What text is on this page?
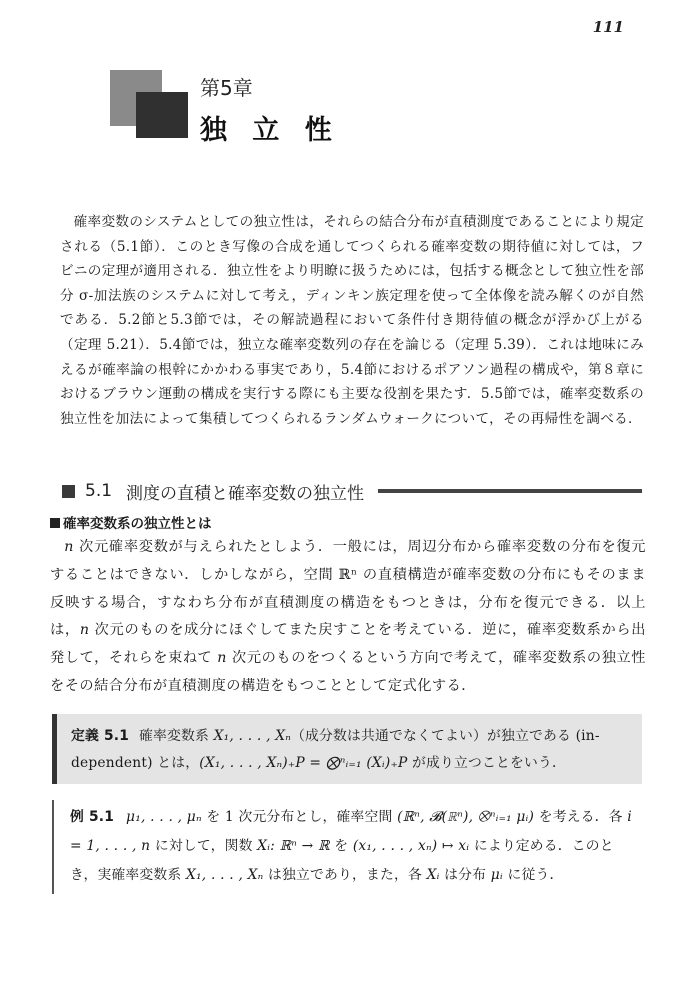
111
第5章
独 立 性

確率変数のシステムとしての独立性は，それらの結合分布が直積測度であることにより規定される（5.1節）．このとき写像の合成を通してつくられる確率変数の期待値に対しては，フビニの定理が適用される．独立性をより明瞭に扱うためには，包括する概念として独立性を部分 σ-加法族のシステムに対して考え，ディンキン族定理を使って全体像を読み解くのが自然である．5.2節と5.3節では，その解読過程において条件付き期待値の概念が浮かび上がる（定理 5.21）．5.4節では，独立な確率変数列の存在を論じる（定理 5.39）．これは地味にみえるが確率論の根幹にかかわる事実であり，5.4節におけるポアソン過程の構成や，第８章におけるブラウン運動の構成を実行する際にも主要な役割を果たす．5.5節では，確率変数系の独立性を加法によって集積してつくられるランダムウォークについて，その再帰性を調べる．

5.1 測度の直積と確率変数の独立性
確率変数系の独立性とは

n 次元確率変数が与えられたとしよう．一般には，周辺分布から確率変数の分布を復元することはできない．しかしながら，空間 ℝⁿ の直積構造が確率変数の分布にもそのまま反映する場合，すなわち分布が直積測度の構造をもつときは，分布を復元できる．以上は，n 次元のものを成分にほぐしてまた戻すことを考えている．逆に，確率変数系から出発して，それらを束ねて n 次元のものをつくるという方向で考えて，確率変数系の独立性をその結合分布が直積測度の構造をもつこととして定式化する．

定義 5.1 確率変数系 X₁, . . . , Xₙ（成分数は共通でなくてよい）が独立である (in-dependent) とは，(X₁, . . . , Xₙ)₊P = ⨂ⁿᵢ₌₁ (Xᵢ)₊P が成り立つことをいう．
例 5.1 μ₁, . . . , μₙ を 1 次元分布とし，確率空間 (ℝⁿ, 𝓑(ℝⁿ), ⨂ⁿᵢ₌₁ μᵢ) を考える．各 i = 1, . . . , n に対して，関数 Xᵢ: ℝⁿ → ℝ を (x₁, . . . , xₙ) ↦ xᵢ により定める．このとき，実確率変数系 X₁, . . . , Xₙ は独立であり，また，各 Xᵢ は分布 μᵢ に従う．
